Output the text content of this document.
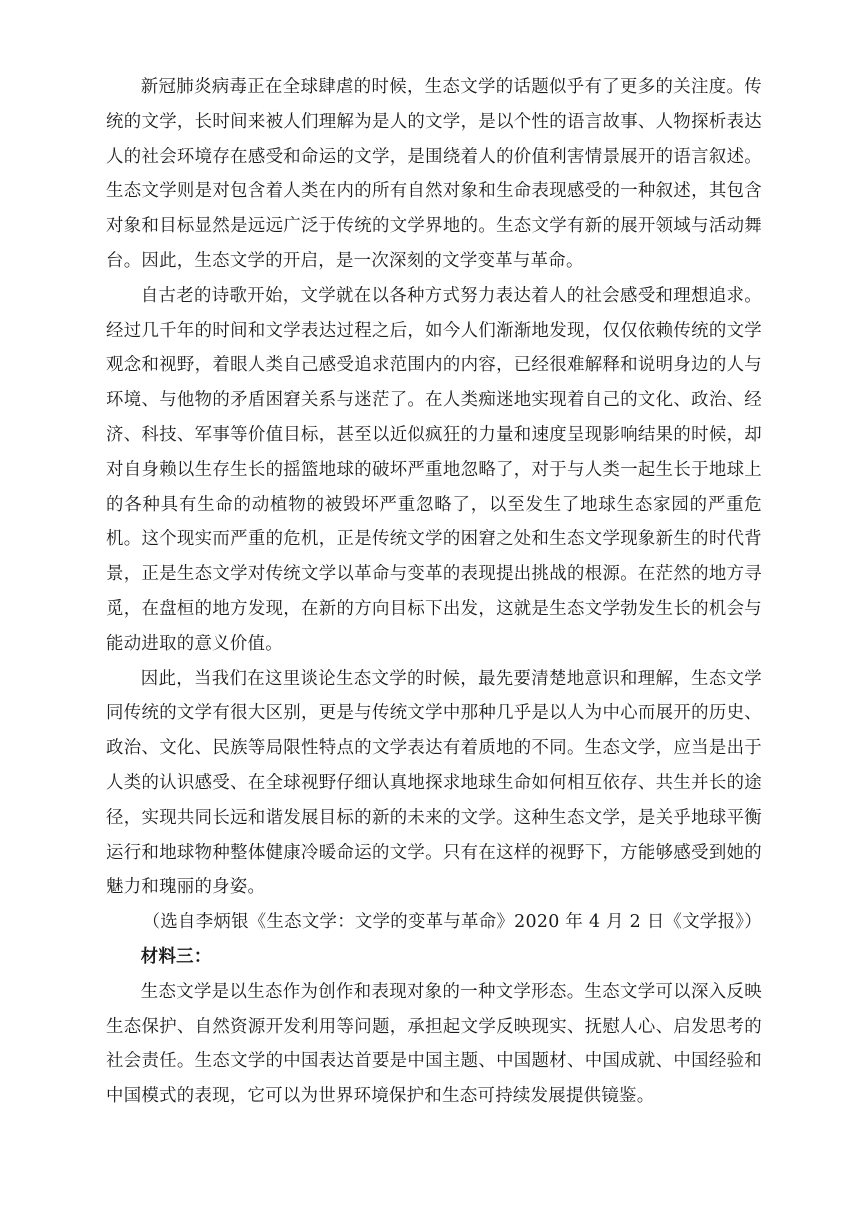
新冠肺炎病毒正在全球肆虐的时候，生态文学的话题似乎有了更多的关注度。传统的文学，长时间来被人们理解为是人的文学，是以个性的语言故事、人物探析表达人的社会环境存在感受和命运的文学，是围绕着人的价值利害情景展开的语言叙述。生态文学则是对包含着人类在内的所有自然对象和生命表现感受的一种叙述，其包含对象和目标显然是远远广泛于传统的文学界地的。生态文学有新的展开领域与活动舞台。因此，生态文学的开启，是一次深刻的文学变革与革命。

自古老的诗歌开始，文学就在以各种方式努力表达着人的社会感受和理想追求。经过几千年的时间和文学表达过程之后，如今人们渐渐地发现，仅仅依赖传统的文学观念和视野，着眼人类自己感受追求范围内的内容，已经很难解释和说明身边的人与环境、与他物的矛盾困窘关系与迷茫了。在人类痴迷地实现着自己的文化、政治、经济、科技、军事等价值目标，甚至以近似疯狂的力量和速度呈现影响结果的时候，却对自身赖以生存生长的摇篮地球的破坏严重地忽略了，对于与人类一起生长于地球上的各种具有生命的动植物的被毁坏严重忽略了，以至发生了地球生态家园的严重危机。这个现实而严重的危机，正是传统文学的困窘之处和生态文学现象新生的时代背景，正是生态文学对传统文学以革命与变革的表现提出挑战的根源。在茫然的地方寻觅，在盘桓的地方发现，在新的方向目标下出发，这就是生态文学勃发生长的机会与能动进取的意义价值。

因此，当我们在这里谈论生态文学的时候，最先要清楚地意识和理解，生态文学同传统的文学有很大区别，更是与传统文学中那种几乎是以人为中心而展开的历史、政治、文化、民族等局限性特点的文学表达有着质地的不同。生态文学，应当是出于人类的认识感受、在全球视野仔细认真地探求地球生命如何相互依存、共生并长的途径，实现共同长远和谐发展目标的新的未来的文学。这种生态文学，是关乎地球平衡运行和地球物种整体健康冷暖命运的文学。只有在这样的视野下，方能够感受到她的魅力和瑰丽的身姿。

（选自李炳银《生态文学：文学的变革与革命》2020 年 4 月 2 日《文学报》）

材料三：

生态文学是以生态作为创作和表现对象的一种文学形态。生态文学可以深入反映生态保护、自然资源开发利用等问题，承担起文学反映现实、抚慰人心、启发思考的社会责任。生态文学的中国表达首要是中国主题、中国题材、中国成就、中国经验和中国模式的表现，它可以为世界环境保护和生态可持续发展提供镜鉴。
